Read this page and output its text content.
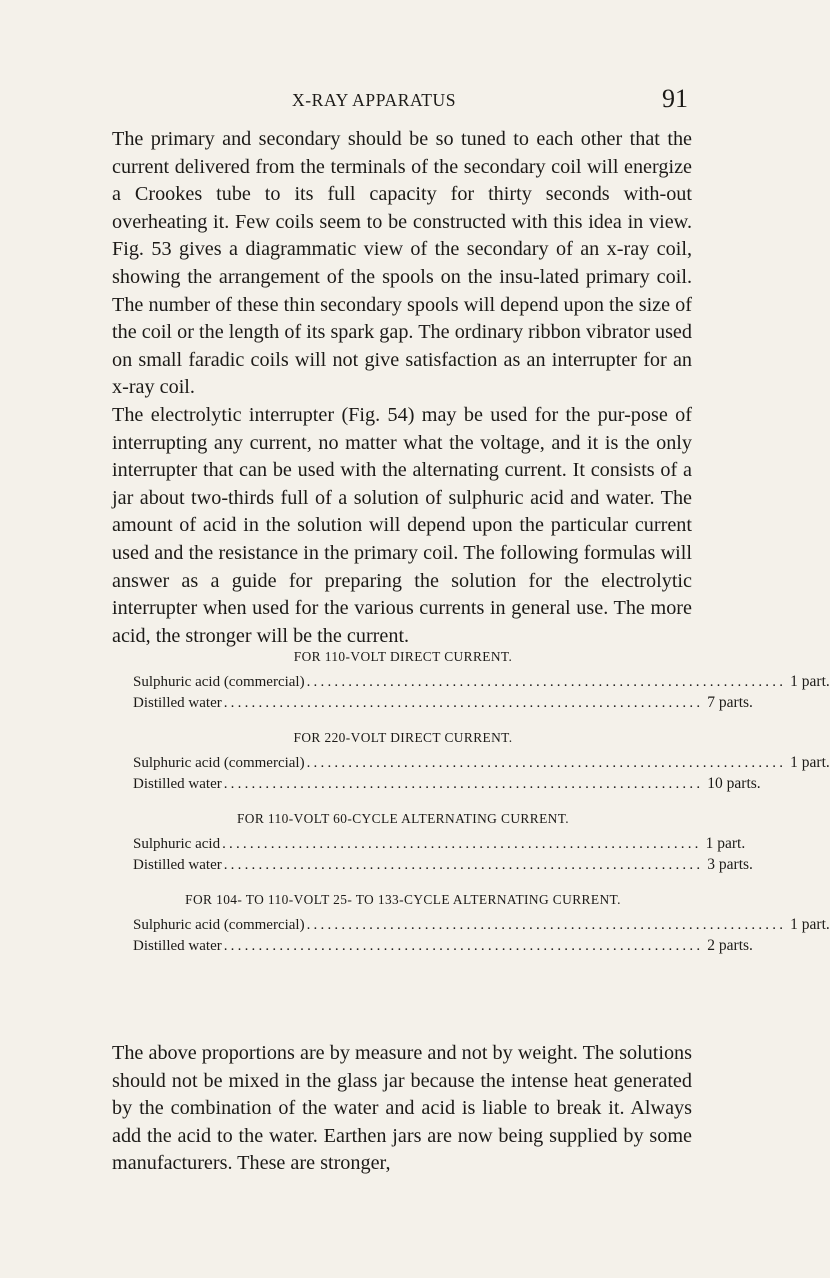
X-RAY APPARATUS	91

The primary and secondary should be so tuned to each other that the current delivered from the terminals of the secondary coil will energize a Crookes tube to its full capacity for thirty seconds with-out overheating it. Few coils seem to be constructed with this idea in view. Fig. 53 gives a diagrammatic view of the secondary of an x-ray coil, showing the arrangement of the spools on the insu-lated primary coil. The number of these thin secondary spools will depend upon the size of the coil or the length of its spark gap. The ordinary ribbon vibrator used on small faradic coils will not give satisfaction as an interrupter for an x-ray coil.

The electrolytic interrupter (Fig. 54) may be used for the pur-pose of interrupting any current, no matter what the voltage, and it is the only interrupter that can be used with the alternating current. It consists of a jar about two-thirds full of a solution of sulphuric acid and water. The amount of acid in the solution will depend upon the particular current used and the resistance in the primary coil. The following formulas will answer as a guide for preparing the solution for the electrolytic interrupter when used for the various currents in general use. The more acid, the stronger will be the current.

FOR 110-VOLT DIRECT CURRENT.
Sulphuric acid (commercial) ..................................................................... 1 part.
Distilled water ..................................................................... 7 parts.
FOR 220-VOLT DIRECT CURRENT.
Sulphuric acid (commercial) ..................................................................... 1 part.
Distilled water ..................................................................... 10 parts.
FOR 110-VOLT 60-CYCLE ALTERNATING CURRENT.
Sulphuric acid ..................................................................... 1 part.
Distilled water ..................................................................... 3 parts.
FOR 104- TO 110-VOLT 25- TO 133-CYCLE ALTERNATING CURRENT.
Sulphuric acid (commercial) ..................................................................... 1 part.
Distilled water ..................................................................... 2 parts.

The above proportions are by measure and not by weight. The solutions should not be mixed in the glass jar because the intense heat generated by the combination of the water and acid is liable to break it. Always add the acid to the water. Earthen jars are now being supplied by some manufacturers. These are stronger,
